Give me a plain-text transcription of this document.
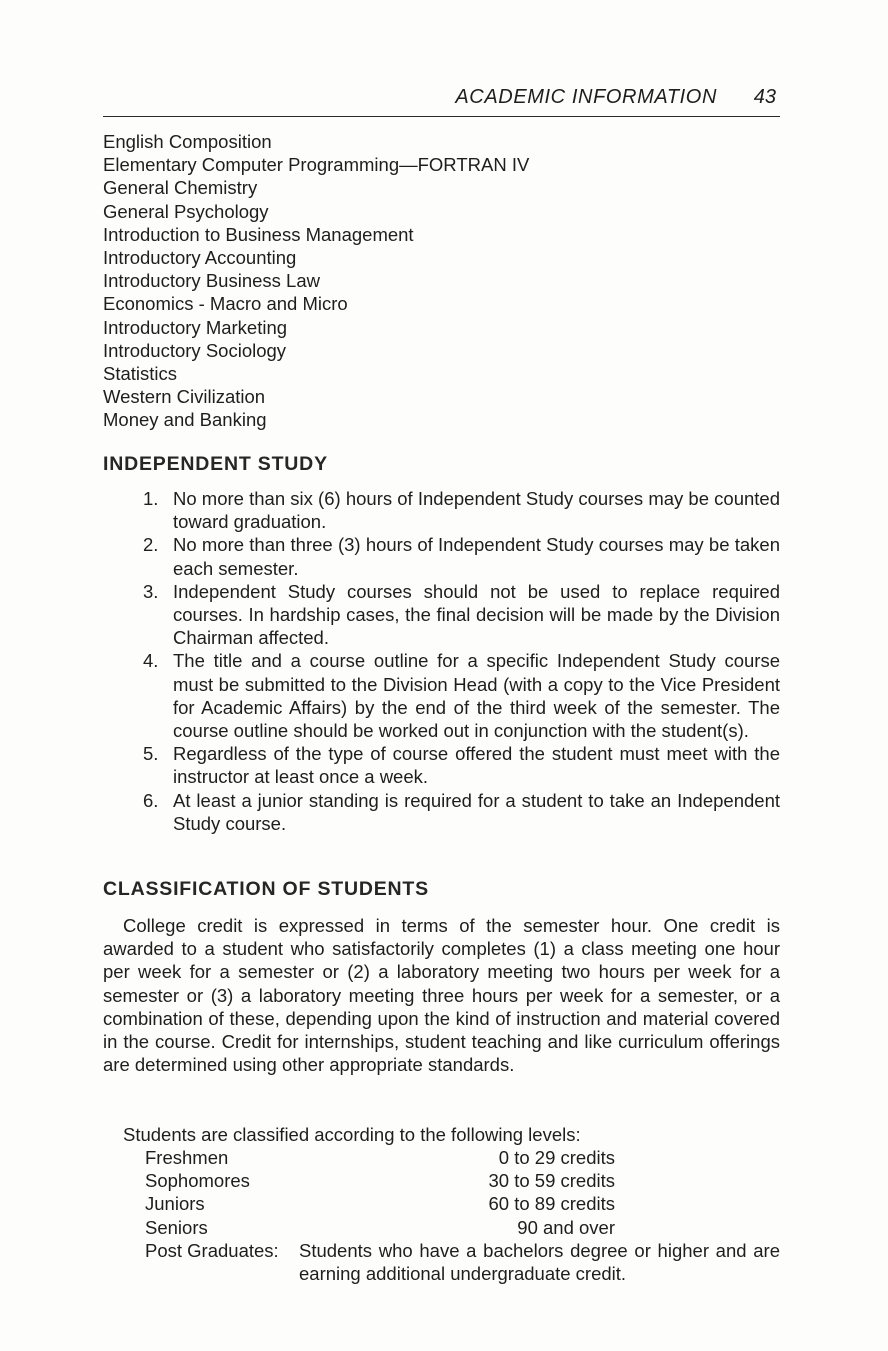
ACADEMIC INFORMATION 43
English Composition
Elementary Computer Programming—FORTRAN IV
General Chemistry
General Psychology
Introduction to Business Management
Introductory Accounting
Introductory Business Law
Economics - Macro and Micro
Introductory Marketing
Introductory Sociology
Statistics
Western Civilization
Money and Banking
INDEPENDENT STUDY
1. No more than six (6) hours of Independent Study courses may be counted toward graduation.
2. No more than three (3) hours of Independent Study courses may be taken each semester.
3. Independent Study courses should not be used to replace required courses. In hardship cases, the final decision will be made by the Division Chairman affected.
4. The title and a course outline for a specific Independent Study course must be submitted to the Division Head (with a copy to the Vice President for Academic Affairs) by the end of the third week of the semester. The course outline should be worked out in conjunction with the student(s).
5. Regardless of the type of course offered the student must meet with the instructor at least once a week.
6. At least a junior standing is required for a student to take an Independent Study course.
CLASSIFICATION OF STUDENTS

College credit is expressed in terms of the semester hour. One credit is awarded to a student who satisfactorily completes (1) a class meeting one hour per week for a semester or (2) a laboratory meeting two hours per week for a semester or (3) a laboratory meeting three hours per week for a semester, or a combination of these, depending upon the kind of instruction and material covered in the course. Credit for internships, student teaching and like curriculum offerings are determined using other appropriate standards.

Students are classified according to the following levels:

Freshmen	0 to 29 credits
Sophomores	30 to 59 credits
Juniors	60 to 89 credits
Seniors	90 and over
Post Graduates:	Students who have a bachelors degree or higher and are earning additional undergraduate credit.
